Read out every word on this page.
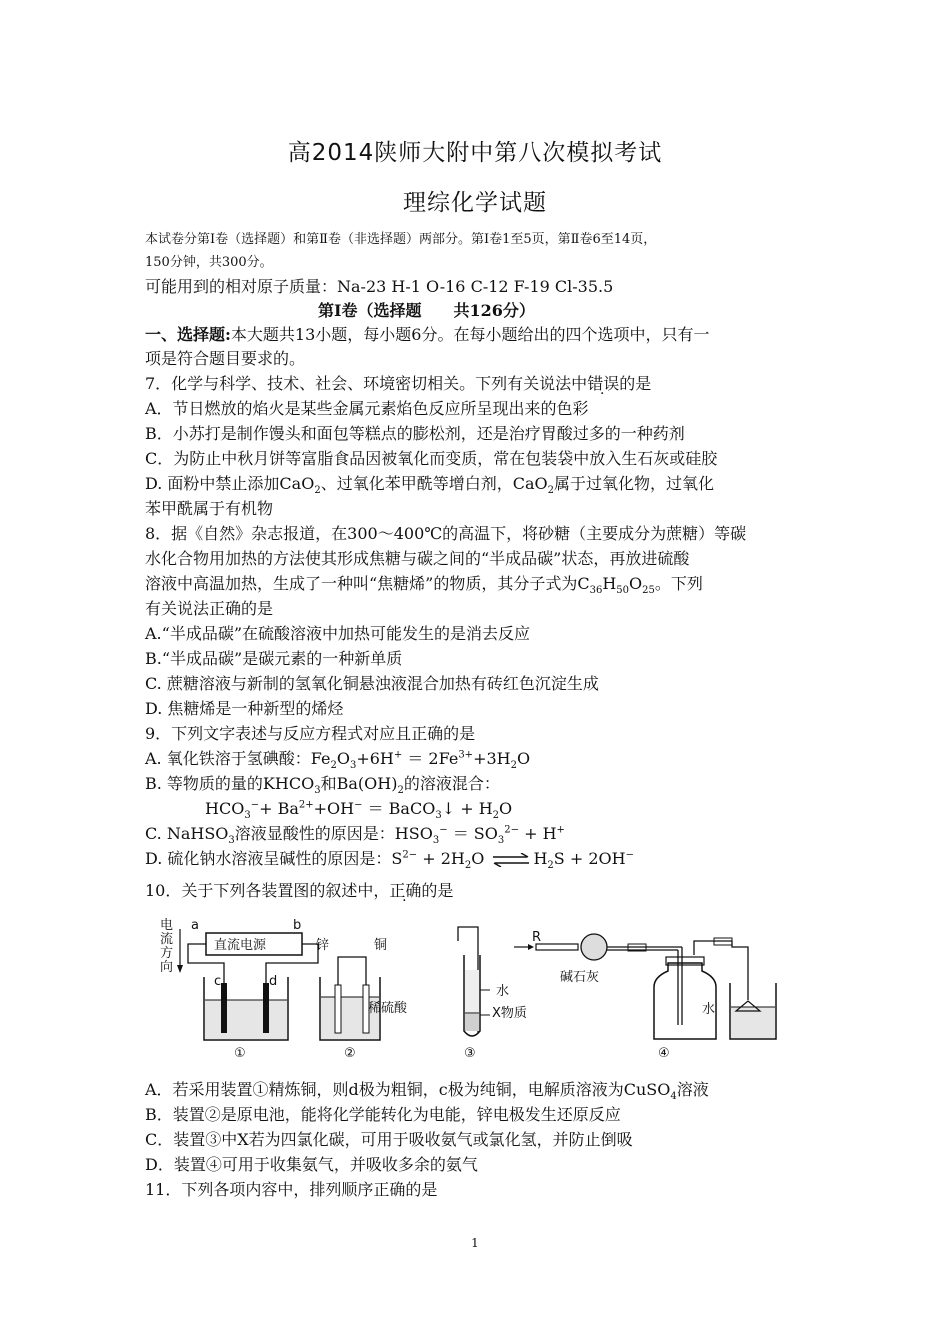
高2014陕师大附中第八次模拟考试
理综化学试题
本试卷分第Ⅰ卷（选择题）和第Ⅱ卷（非选择题）两部分。第Ⅰ卷1至5页，第Ⅱ卷6至14页，
150分钟，共300分。
可能用到的相对原子质量：Na-23 H-1 O-16 C-12 F-19 Cl-35.5
第Ⅰ卷（选择题　　共126分）
一、选择题:本大题共13小题，每小题6分。在每小题给出的四个选项中，只有一
项是符合题目要求的。
7．化学与科学、技术、社会、环境密切相关。下列有关说法中错误的是
A．节日燃放的焰火是某些金属元素焰色反应所呈现出来的色彩
B．小苏打是制作馒头和面包等糕点的膨松剂，还是治疗胃酸过多的一种药剂
C．为防止中秋月饼等富脂食品因被氧化而变质，常在包装袋中放入生石灰或硅胶
D. 面粉中禁止添加CaO$_2$、过氧化苯甲酰等增白剂，CaO$_2$属于过氧化物，过氧化
苯甲酰属于有机物
8．据《自然》杂志报道，在300～400℃的高温下，将砂糖（主要成分为蔗糖）等碳
水化合物用加热的方法使其形成焦糖与碳之间的“半成品碳”状态，再放进硫酸
溶液中高温加热，生成了一种叫“焦糖烯”的物质，其分子式为$C_{36}H_{50}O_{25}$。下列
有关说法正确的是
A.“半成品碳”在硫酸溶液中加热可能发生的是消去反应
B.“半成品碳”是碳元素的一种新单质
C. 蔗糖溶液与新制的氢氧化铜悬浊液混合加热有砖红色沉淀生成
D. 焦糖烯是一种新型的烯烃
9．下列文字表述与反应方程式对应且正确的是
A. 氧化铁溶于氢碘酸：$Fe_2O_3+6H^+ = 2Fe^{3+}+3H_2O$
B. 等物质的量的$KHCO_3$和$Ba(OH)_2$的溶液混合：
$HCO_3^-+ Ba^{2+}+OH^-$ ＝ BaCO$_3$↓ + $H_2O$
C. NaHSO$_3$溶液显酸性的原因是：$HSO_3^- = SO_3^{2-} + H^+$
D. 硫化钠水溶液呈碱性的原因是：$S^{2-} + 2H_2O$ ⇌ $H_2S + 2OH^-$
10．关于下列各装置图的叙述中，正确的是
电
流
方
向
直流电源
a	b
c	d
①
锌	铜
稀硫酸
②
水
X物质
③
R
碱石灰
水
④
A．若采用装置①精炼铜，则d极为粗铜，c极为纯铜，电解质溶液为CuSO$_4$溶液
B．装置②是原电池，能将化学能转化为电能，锌电极发生还原反应
C．装置③中X若为四氯化碳，可用于吸收氨气或氯化氢，并防止倒吸
D．装置④可用于收集氨气，并吸收多余的氨气
11．下列各项内容中，排列顺序正确的是
1
